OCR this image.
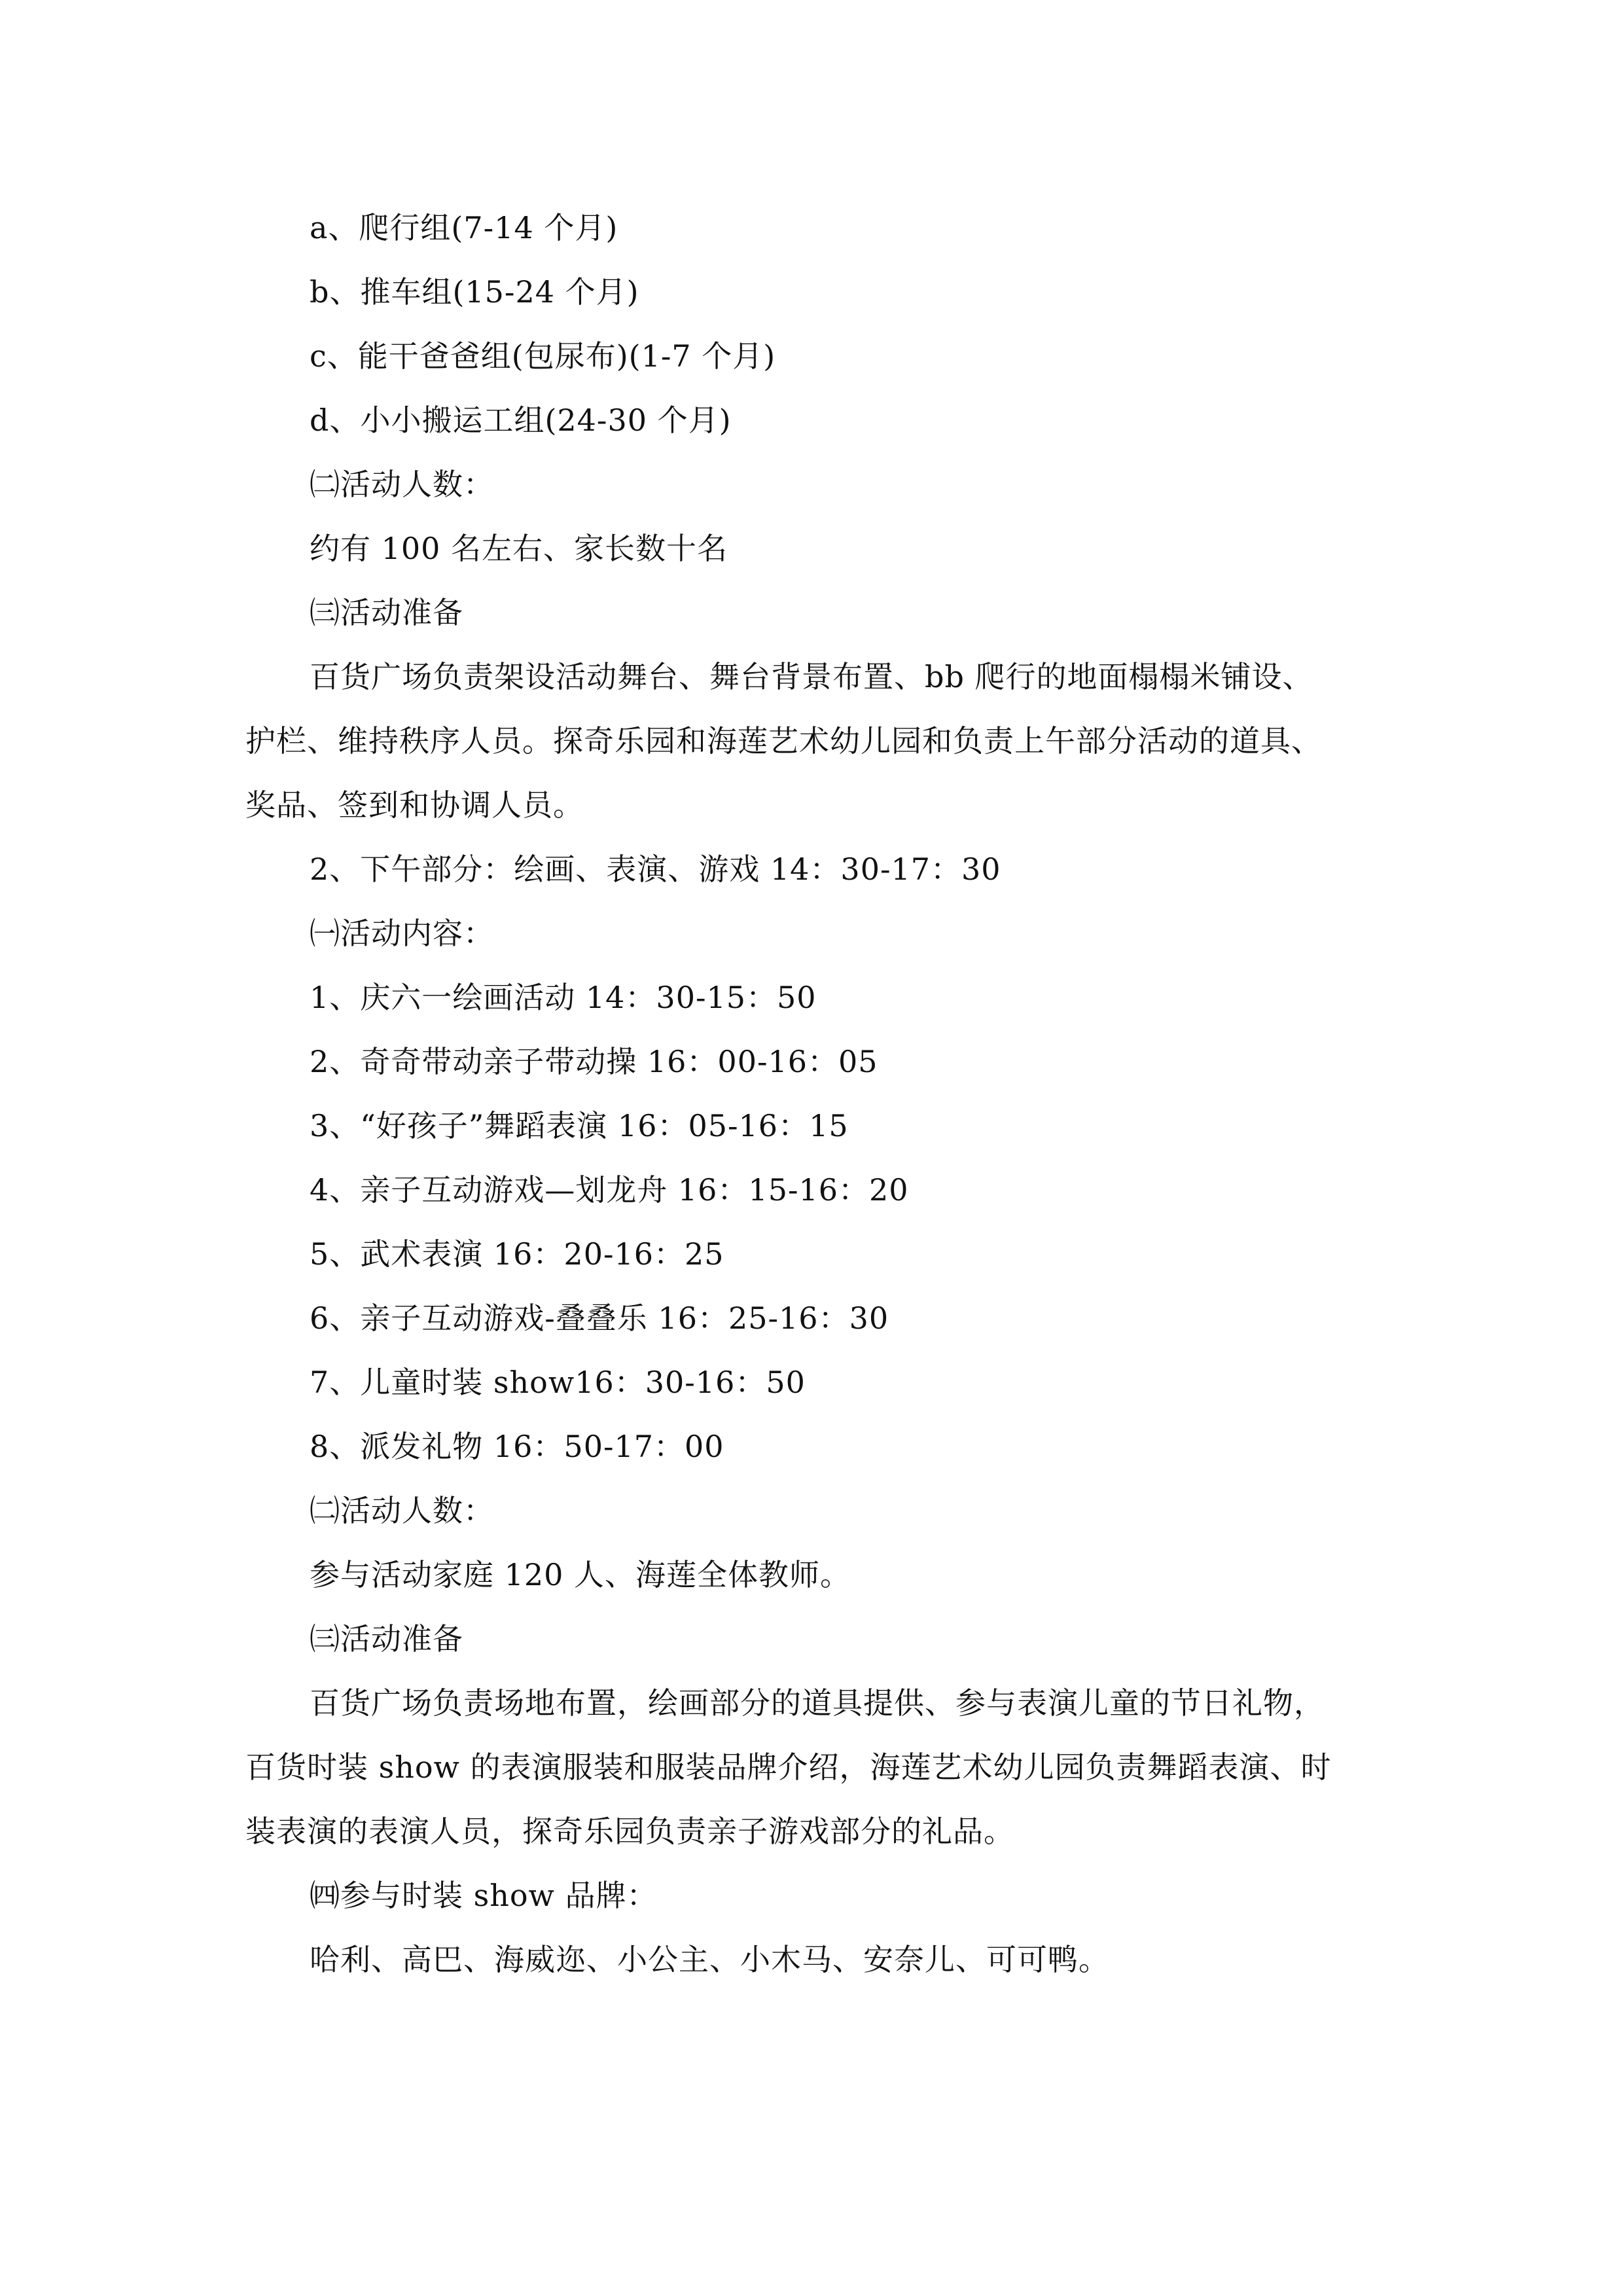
a、爬行组(7-14 个月)
b、推车组(15-24 个月)
c、能干爸爸组(包尿布)(1-7 个月)
d、小小搬运工组(24-30 个月)
㈡活动人数：
约有 100 名左右、家长数十名
㈢活动准备
百货广场负责架设活动舞台、舞台背景布置、bb 爬行的地面榻榻米铺设、
护栏、维持秩序人员。探奇乐园和海莲艺术幼儿园和负责上午部分活动的道具、
奖品、签到和协调人员。
2、下午部分：绘画、表演、游戏 14：30-17：30
㈠活动内容：
1、庆六一绘画活动 14：30-15：50
2、奇奇带动亲子带动操 16：00-16：05
3、“好孩子”舞蹈表演 16：05-16：15
4、亲子互动游戏—划龙舟 16：15-16：20
5、武术表演 16：20-16：25
6、亲子互动游戏-叠叠乐 16：25-16：30
7、儿童时装 show16：30-16：50
8、派发礼物 16：50-17：00
㈡活动人数：
参与活动家庭 120 人、海莲全体教师。
㈢活动准备
百货广场负责场地布置，绘画部分的道具提供、参与表演儿童的节日礼物，
百货时装 show 的表演服装和服装品牌介绍，海莲艺术幼儿园负责舞蹈表演、时
装表演的表演人员，探奇乐园负责亲子游戏部分的礼品。
㈣参与时装 show 品牌：
哈利、高巴、海威迩、小公主、小木马、安奈儿、可可鸭。
